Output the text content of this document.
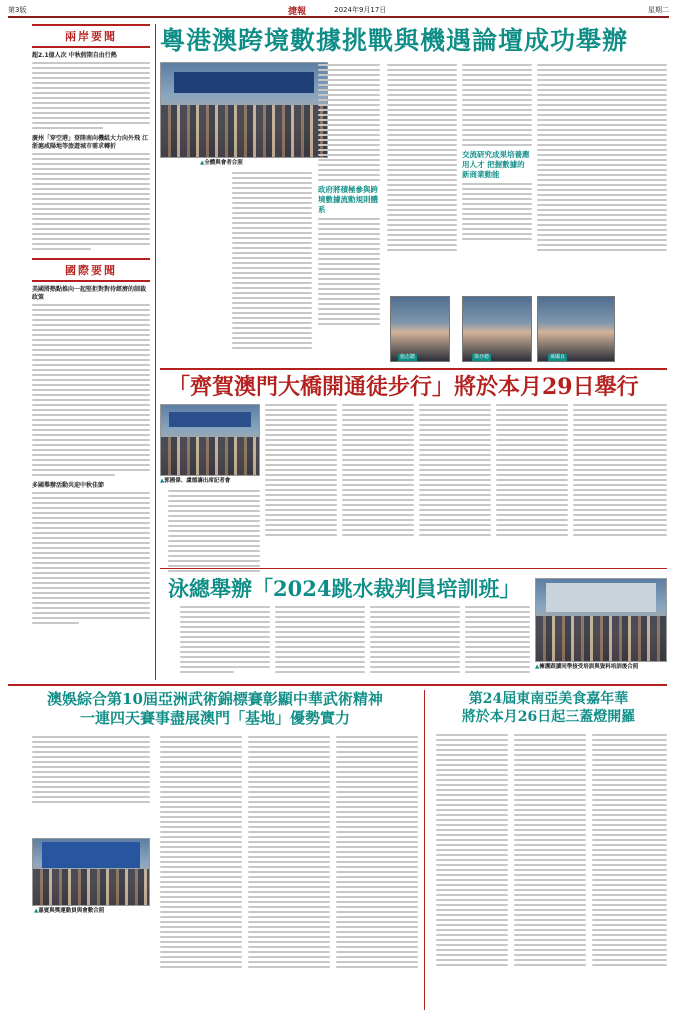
第3版	捷報	2024年9月17日	星期二
兩岸要聞
超2.1億人次 中秋假期自由行熱
廣州「穿空港」登陸南向機組大力向外飛 江浙滬咸陽地等旅遊城市需求轉折
國際要聞
美國將熱點推向一起堅拒對對待經濟的制裁政策
多國舉辦活動共迎中秋佳節
粵港澳跨境數據挑戰與機遇論壇成功舉辦
▲全體與會者合照
政府將積極參與跨境數據流動規則體系
交流研究成果培養應用人才 把握數據的新商業動能
施志聰	梁亦德	孫國良
「齊賀澳門大橋開通徒步行」將於本月29日舉行
▲郭國偉、盧德濤出席記者會
泳總舉辦「2024跳水裁判員培訓班」
▲擁護跟讀同學接受培訓與資料培訓後合照
澳娛綜合第10屆亞洲武術錦標賽彰顯中華武術精神
一連四天賽事盡展澳門「基地」優勢實力
▲嘉賓與獎運動員與會數合照
第24屆東南亞美食嘉年華
將於本月26日起三蓋燈開羅
